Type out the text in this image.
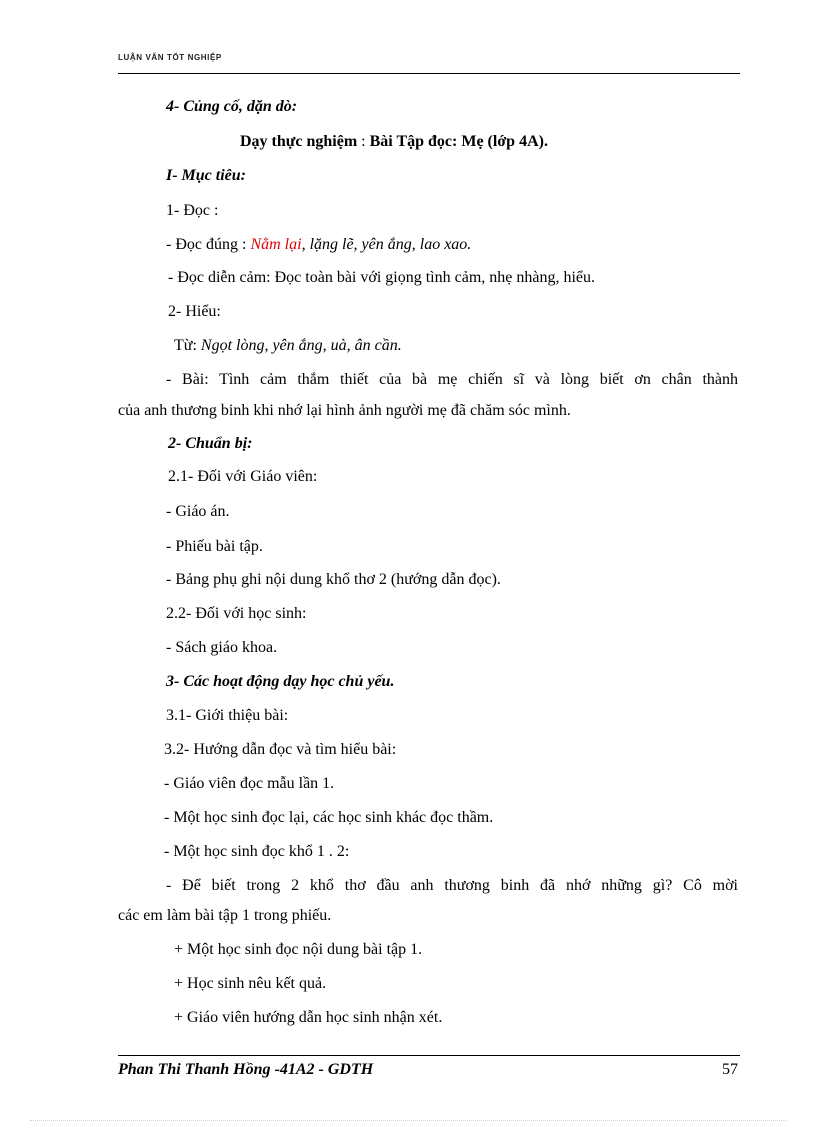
LUẬN VĂN TỐT NGHIỆP
4- Củng cố, dặn dò:
Dạy thực nghiệm : Bài Tập đọc: Mẹ (lớp 4A).
I- Mục tiêu:
1- Đọc :
- Đọc đúng : Nằm lại, lặng lẽ, yên ắng, lao xao.
- Đọc diễn cảm: Đọc toàn bài với giọng tình cảm, nhẹ nhàng, hiểu.
2- Hiểu:
Từ: Ngọt lòng, yên ắng, uà, ân cần.
- Bài: Tình cảm thắm thiết của bà mẹ chiến sĩ và lòng biết ơn chân thành
của anh thương binh khi nhớ lại hình ảnh người mẹ đã chăm sóc mình.
2- Chuẩn bị:
2.1- Đối với Giáo viên:
- Giáo án.
- Phiếu bài tập.
- Bảng phụ ghi nội dung khổ thơ 2 (hướng dẫn đọc).
2.2- Đối với học sinh:
- Sách giáo khoa.
3- Các hoạt động dạy học chủ yếu.
3.1- Giới thiệu bài:
3.2- Hướng dẫn đọc và tìm hiểu bài:
- Giáo viên đọc mẫu lần 1.
- Một học sinh đọc lại, các học sinh khác đọc thầm.
- Một học sinh đọc khổ 1 . 2:
- Để biết trong 2 khổ thơ đầu anh thương binh đã nhớ những gì? Cô mời
các em làm bài tập 1 trong phiếu.
+ Một học sinh đọc nội dung bài tập 1.
+ Học sinh nêu kết quả.
+ Giáo viên hướng dẫn học sinh nhận xét.
Phan Thi Thanh Hồng -41A2 - GDTH	57
